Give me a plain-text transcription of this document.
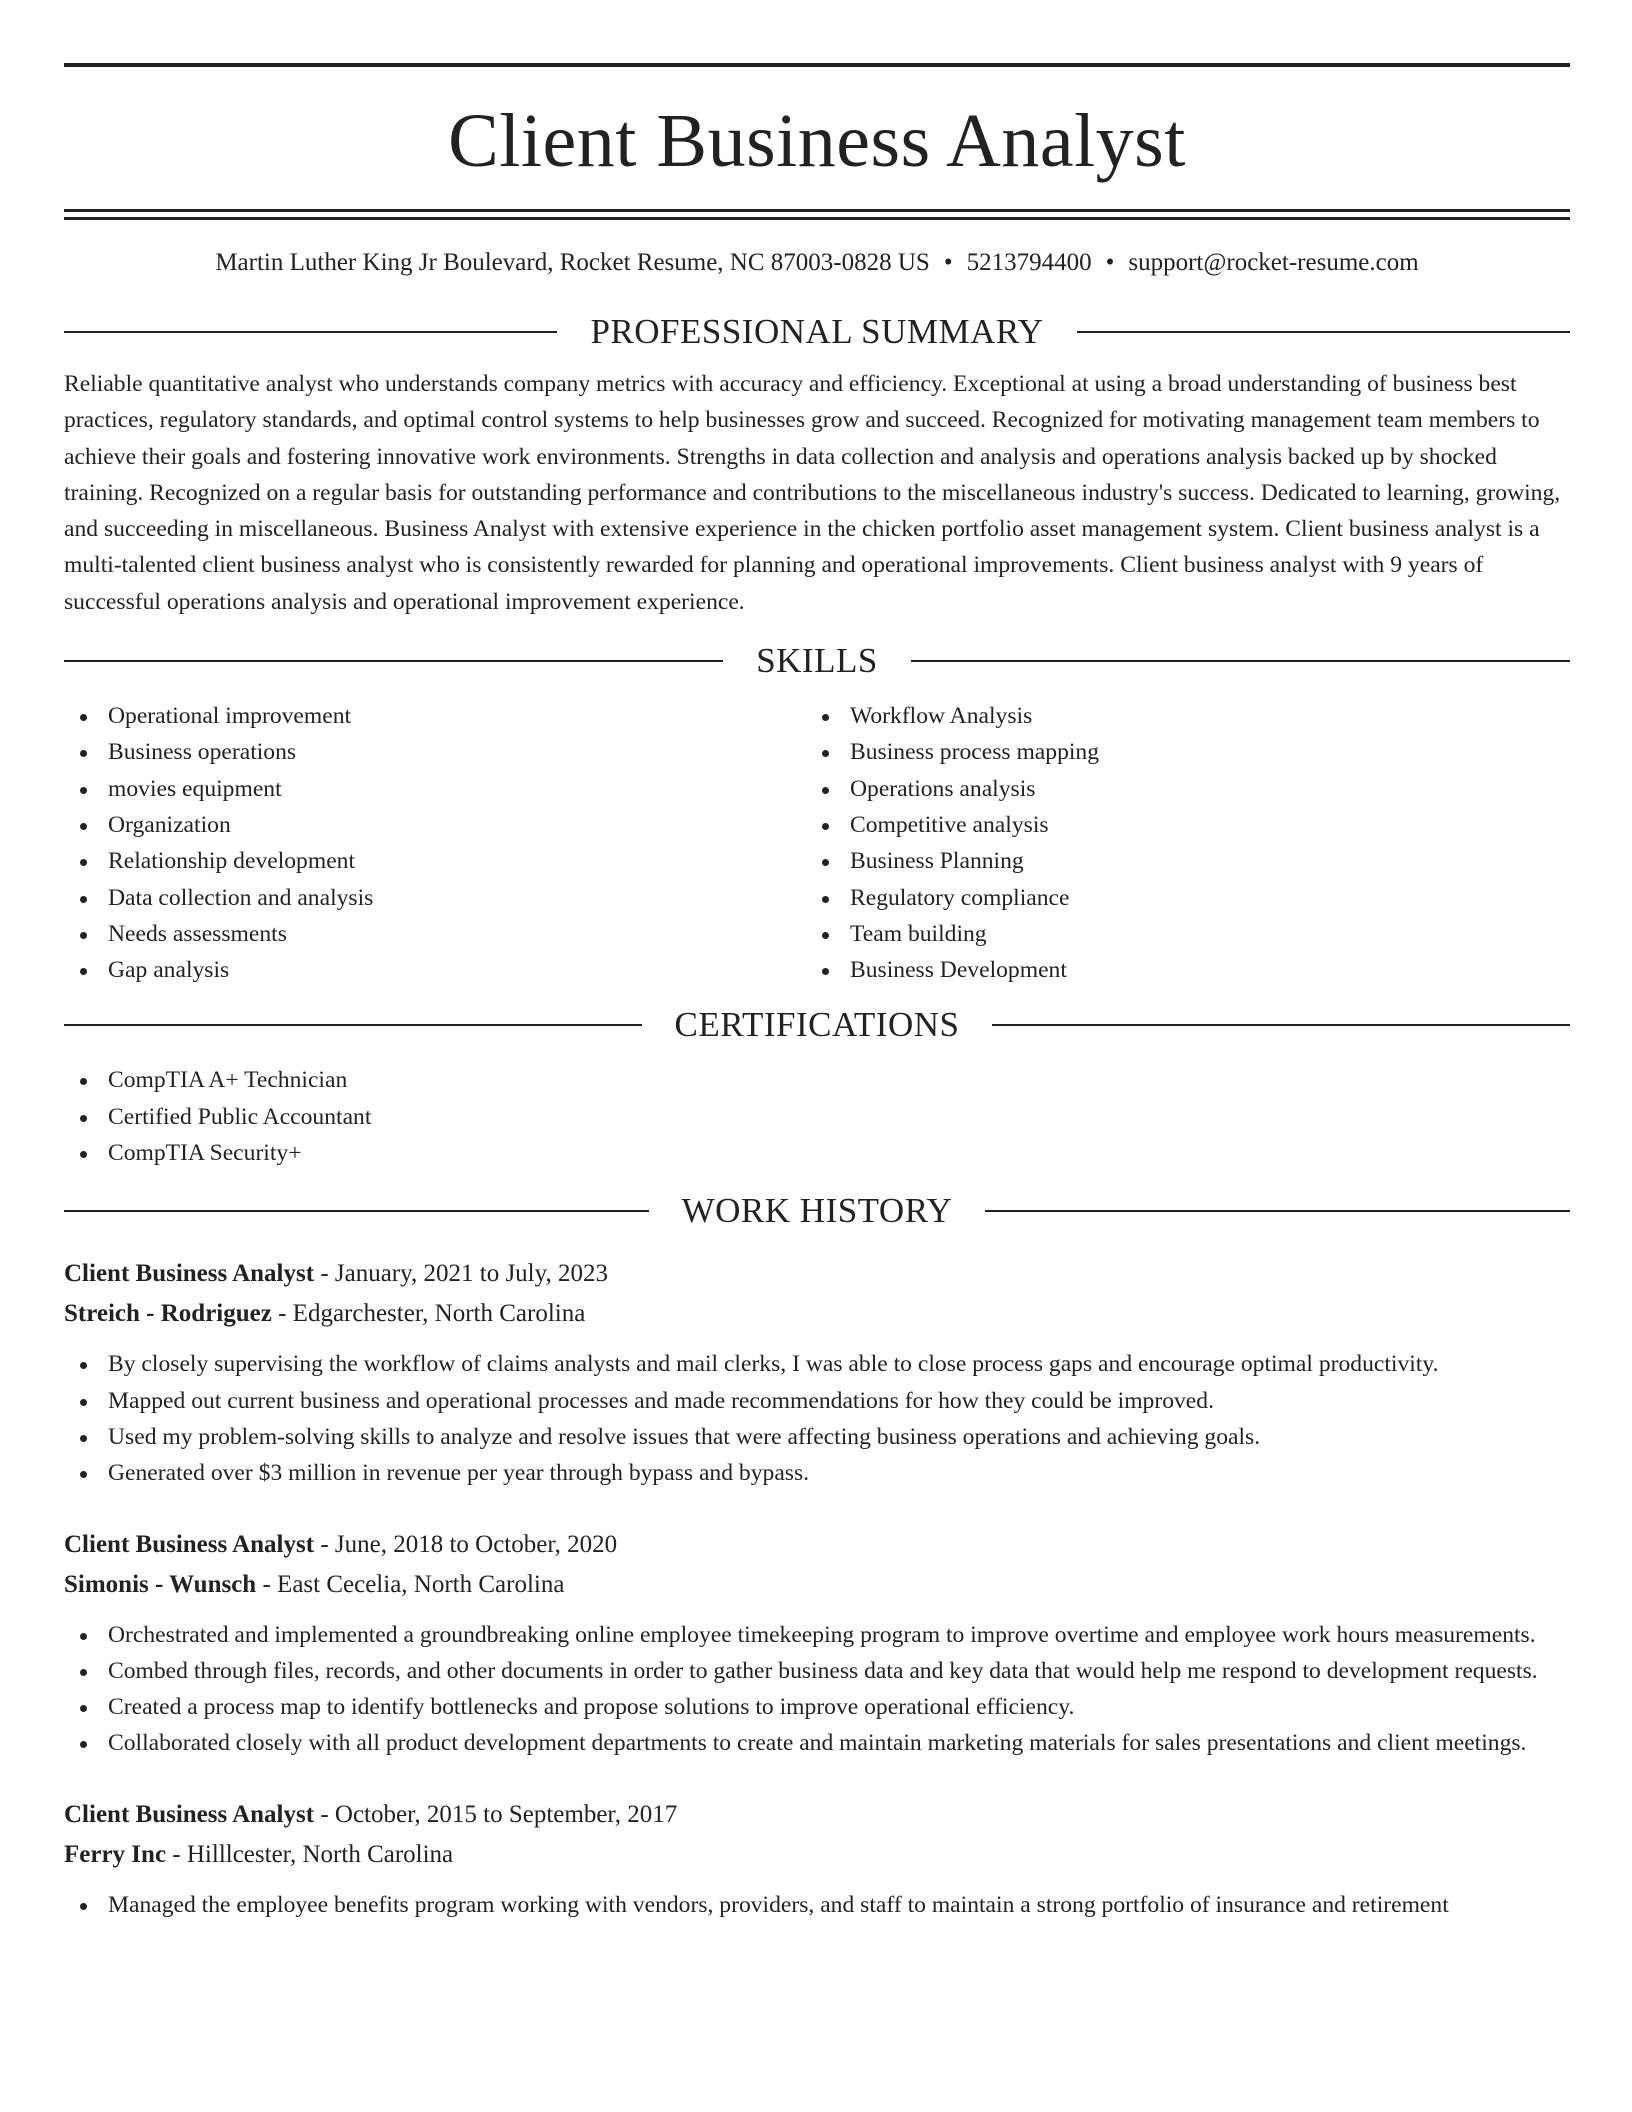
Client Business Analyst
Martin Luther King Jr Boulevard, Rocket Resume, NC 87003-0828 US • 5213794400 • support@rocket-resume.com
PROFESSIONAL SUMMARY

Reliable quantitative analyst who understands company metrics with accuracy and efficiency. Exceptional at using a broad understanding of business best practices, regulatory standards, and optimal control systems to help businesses grow and succeed. Recognized for motivating management team members to achieve their goals and fostering innovative work environments. Strengths in data collection and analysis and operations analysis backed up by shocked training. Recognized on a regular basis for outstanding performance and contributions to the miscellaneous industry's success. Dedicated to learning, growing, and succeeding in miscellaneous. Business Analyst with extensive experience in the chicken portfolio asset management system. Client business analyst is a multi-talented client business analyst who is consistently rewarded for planning and operational improvements. Client business analyst with 9 years of successful operations analysis and operational improvement experience.

SKILLS
Operational improvement
Business operations
movies equipment
Organization
Relationship development
Data collection and analysis
Needs assessments
Gap analysis
Workflow Analysis
Business process mapping
Operations analysis
Competitive analysis
Business Planning
Regulatory compliance
Team building
Business Development
CERTIFICATIONS
CompTIA A+ Technician
Certified Public Accountant
CompTIA Security+
WORK HISTORY
Client Business Analyst - January, 2021 to July, 2023
Streich - Rodriguez - Edgarchester, North Carolina
By closely supervising the workflow of claims analysts and mail clerks, I was able to close process gaps and encourage optimal productivity.
Mapped out current business and operational processes and made recommendations for how they could be improved.
Used my problem-solving skills to analyze and resolve issues that were affecting business operations and achieving goals.
Generated over $3 million in revenue per year through bypass and bypass.
Client Business Analyst - June, 2018 to October, 2020
Simonis - Wunsch - East Cecelia, North Carolina
Orchestrated and implemented a groundbreaking online employee timekeeping program to improve overtime and employee work hours measurements.
Combed through files, records, and other documents in order to gather business data and key data that would help me respond to development requests.
Created a process map to identify bottlenecks and propose solutions to improve operational efficiency.
Collaborated closely with all product development departments to create and maintain marketing materials for sales presentations and client meetings.
Client Business Analyst - October, 2015 to September, 2017
Ferry Inc - Hilllcester, North Carolina
Managed the employee benefits program working with vendors, providers, and staff to maintain a strong portfolio of insurance and retirement
